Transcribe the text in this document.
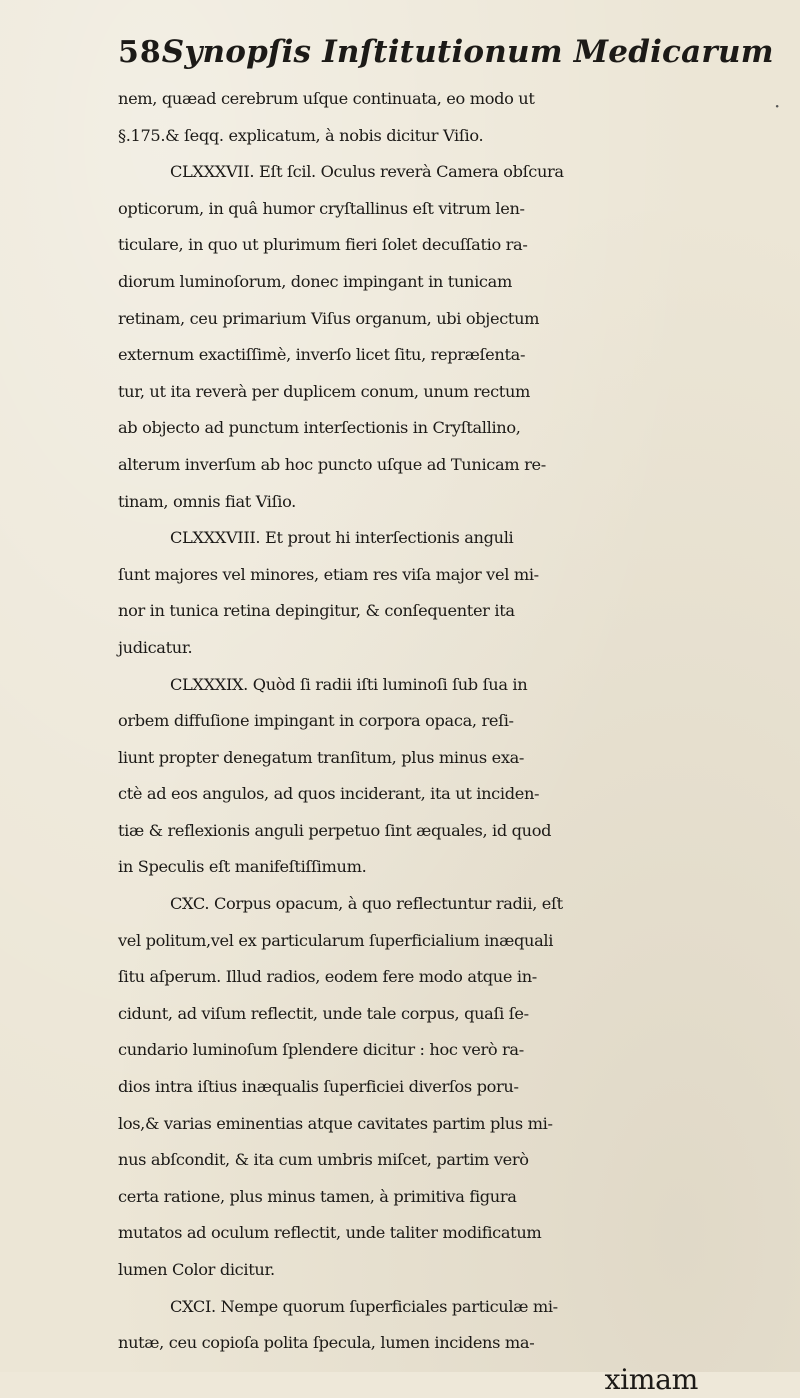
58 Synopſis Inſtitutionum Medicarum
nem, quæad cerebrum uſque continuata, eo modo ut
§.175.& ſeqq. explicatum, à nobis dicitur Viſio.
CLXXXVII. Eſt ſcil. Oculus reverà Camera obſcura
opticorum, in quâ humor cryſtallinus eſt vitrum len-
ticulare, in quo ut plurimum fieri ſolet decuſſatio ra-
diorum luminoſorum, donec impingant in tunicam
retinam, ceu primarium Viſus organum, ubi objectum
externum exactiſſimè, inverſo licet ſitu, repræſenta-
tur, ut ita reverà per duplicem conum, unum rectum
ab objecto ad punctum interſectionis in Cryſtallino,
alterum inverſum ab hoc puncto uſque ad Tunicam re-
tinam, omnis fiat Viſio.
CLXXXVIII. Et prout hi interſectionis anguli
ſunt majores vel minores, etiam res viſa major vel mi-
nor in tunica retina depingitur, & conſequenter ita
judicatur.
CLXXXIX. Quòd ſi radii iſti luminoſi ſub ſua in
orbem diffuſione impingant in corpora opaca, reſi-
liunt propter denegatum tranſitum, plus minus exa-
ctè ad eos angulos, ad quos inciderant, ita ut inciden-
tiæ & reflexionis anguli perpetuo ſint æquales, id quod
in Speculis eſt manifeſtiſſimum.
CXC. Corpus opacum, à quo reflectuntur radii, eſt
vel politum,vel ex particularum ſuperficialium inæquali
ſitu aſperum. Illud radios, eodem fere modo atque in-
cidunt, ad viſum reflectit, unde tale corpus, quaſi ſe-
cundario luminoſum ſplendere dicitur : hoc verò ra-
dios intra iſtius inæqualis ſuperficiei diverſos poru-
los,& varias eminentias atque cavitates partim plus mi-
nus abſcondit, & ita cum umbris miſcet, partim verò
certa ratione, plus minus tamen, à primitiva figura
mutatos ad oculum reflectit, unde taliter modificatum
lumen Color dicitur.
CXCI. Nempe quorum ſuperficiales particulæ mi-
nutæ, ceu copioſa polita ſpecula, lumen incidens ma-
ximam
·
